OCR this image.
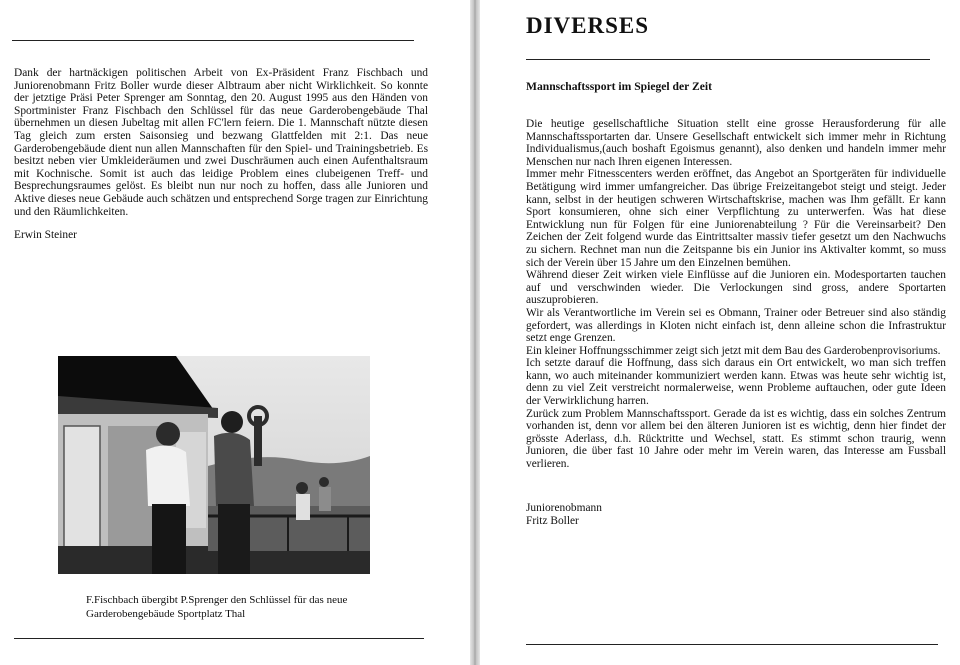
Dank der hartnäckigen politischen Arbeit von Ex-Präsident Franz Fischbach und Juniorenobmann Fritz Boller wurde dieser Albtraum aber nicht Wirklichkeit. So konnte der jetztige Präsi Peter Sprenger am Sonntag, den 20. August 1995 aus den Händen von Sportminister Franz Fischbach den Schlüssel für das neue Garderobengebäude Thal übernehmen un diesen Jubeltag mit allen FC'lern feiern. Die 1. Mannschaft nützte diesen Tag gleich zum ersten Saisonsieg und bezwang Glattfelden mit 2:1. Das neue Garderobengebäude dient nun allen Mannschaften für den Spiel- und Trainingsbetrieb. Es besitzt neben vier Umkleideräumen und zwei Duschräumen auch einen Aufenthaltsraum mit Kochnische. Somit ist auch das leidige Problem eines clubeigenen Treff- und Besprechungsraumes gelöst. Es bleibt nun nur noch zu hoffen, dass alle Junioren und Aktive dieses neue Gebäude auch schätzen und entsprechend Sorge tragen zur Einrichtung und den Räumlichkeiten.

Erwin Steiner
F.Fischbach übergibt P.Sprenger den Schlüssel für das neue
Garderobengebäude Sportplatz Thal
DIVERSES
Mannschaftssport im Spiegel der Zeit

Die heutige gesellschaftliche Situation stellt eine grosse Herausforderung für alle Mannschaftssportarten dar. Unsere Gesellschaft entwickelt sich immer mehr in Richtung Individualismus,(auch boshaft Egoismus genannt), also denken und handeln immer mehr Menschen nur nach Ihren eigenen Interessen.

Immer mehr Fitnesscenters werden eröffnet, das Angebot an Sportgeräten für individuelle Betätigung wird immer umfangreicher. Das übrige Freizeitangebot steigt und steigt. Jeder kann, selbst in der heutigen schweren Wirtschaftskrise, machen was Ihm gefällt. Er kann Sport konsumieren, ohne sich einer Verpflichtung zu unterwerfen. Was hat diese Entwicklung nun für Folgen für eine Juniorenabteilung ? Für die Vereinsarbeit? Den Zeichen der Zeit folgend wurde das Eintrittsalter massiv tiefer gesetzt um den Nachwuchs zu sichern. Rechnet man nun die Zeitspanne bis ein Junior ins Aktivalter kommt, so muss sich der Verein über 15 Jahre um den Einzelnen bemühen.

Während dieser Zeit wirken viele Einflüsse auf die Junioren ein. Modesportarten tauchen auf und verschwinden wieder. Die Verlockungen sind gross, andere Sportarten auszuprobieren.

Wir als Verantwortliche im Verein sei es Obmann, Trainer oder Betreuer sind also ständig gefordert, was allerdings in Kloten nicht einfach ist, denn alleine schon die Infrastruktur setzt enge Grenzen.

Ein kleiner Hoffnungsschimmer zeigt sich jetzt mit dem Bau des Garderobenprovisoriums.

Ich setzte darauf die Hoffnung, dass sich daraus ein Ort entwickelt, wo man sich treffen kann, wo auch miteinander kommuniziert werden kann. Etwas was heute sehr wichtig ist, denn zu viel Zeit verstreicht normalerweise, wenn Probleme auftauchen, oder gute Ideen der Verwirklichung harren.

Zurück zum Problem Mannschaftssport. Gerade da ist es wichtig, dass ein solches Zentrum vorhanden ist, denn vor allem bei den älteren Junioren ist es wichtig, denn hier findet der grösste Aderlass, d.h. Rücktritte und Wechsel, statt. Es stimmt schon traurig, wenn Junioren, die über fast 10 Jahre oder mehr im Verein waren, das Interesse am Fussball verlieren.

Juniorenobmann
Fritz Boller
